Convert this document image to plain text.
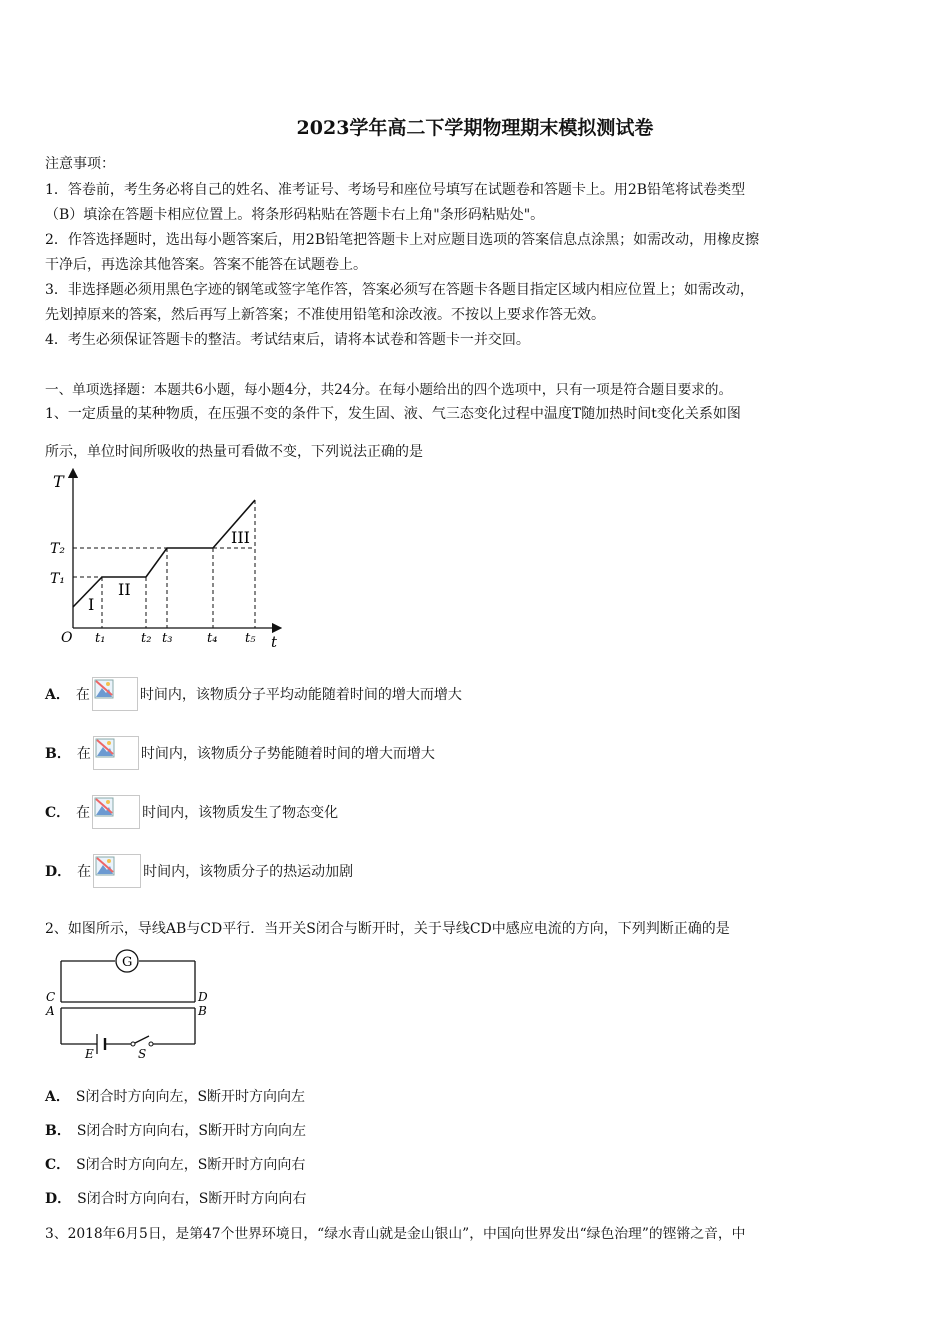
2023学年高二下学期物理期末模拟测试卷
注意事项：
1．答卷前，考生务必将自己的姓名、准考证号、考场号和座位号填写在试题卷和答题卡上。用2B铅笔将试卷类型
（B）填涂在答题卡相应位置上。将条形码粘贴在答题卡右上角"条形码粘贴处"。
2．作答选择题时，选出每小题答案后，用2B铅笔把答题卡上对应题目选项的答案信息点涂黑；如需改动，用橡皮擦
干净后，再选涂其他答案。答案不能答在试题卷上。
3．非选择题必须用黑色字迹的钢笔或签字笔作答，答案必须写在答题卡各题目指定区域内相应位置上；如需改动，
先划掉原来的答案，然后再写上新答案；不准使用铅笔和涂改液。不按以上要求作答无效。
4．考生必须保证答题卡的整洁。考试结束后，请将本试卷和答题卡一并交回。
一、单项选择题：本题共6小题，每小题4分，共24分。在每小题给出的四个选项中，只有一项是符合题目要求的。
1、一定质量的某种物质，在压强不变的条件下，发生固、液、气三态变化过程中温度T随加热时间t变化关系如图
所示，单位时间所吸收的热量可看做不变，下列说法正确的是
T
t
O
T₂
T₁
t₁	t₂ t₃	t₄ t₅
I
II
III
A． 在	时间内，该物质分子平均动能随着时间的增大而增大
B． 在	时间内，该物质分子势能随着时间的增大而增大
C． 在	时间内，该物质发生了物态变化
D． 在	时间内，该物质分子的热运动加剧
2、如图所示，导线AB与CD平行．当开关S闭合与断开时，关于导线CD中感应电流的方向，下列判断正确的是
G
C	D
A	B
E	S
A． S闭合时方向向左，S断开时方向向左
B． S闭合时方向向右，S断开时方向向左
C． S闭合时方向向左，S断开时方向向右
D． S闭合时方向向右，S断开时方向向右
3、2018年6月5日，是第47个世界环境日，“绿水青山就是金山银山”，中国向世界发出“绿色治理”的铿锵之音，中
